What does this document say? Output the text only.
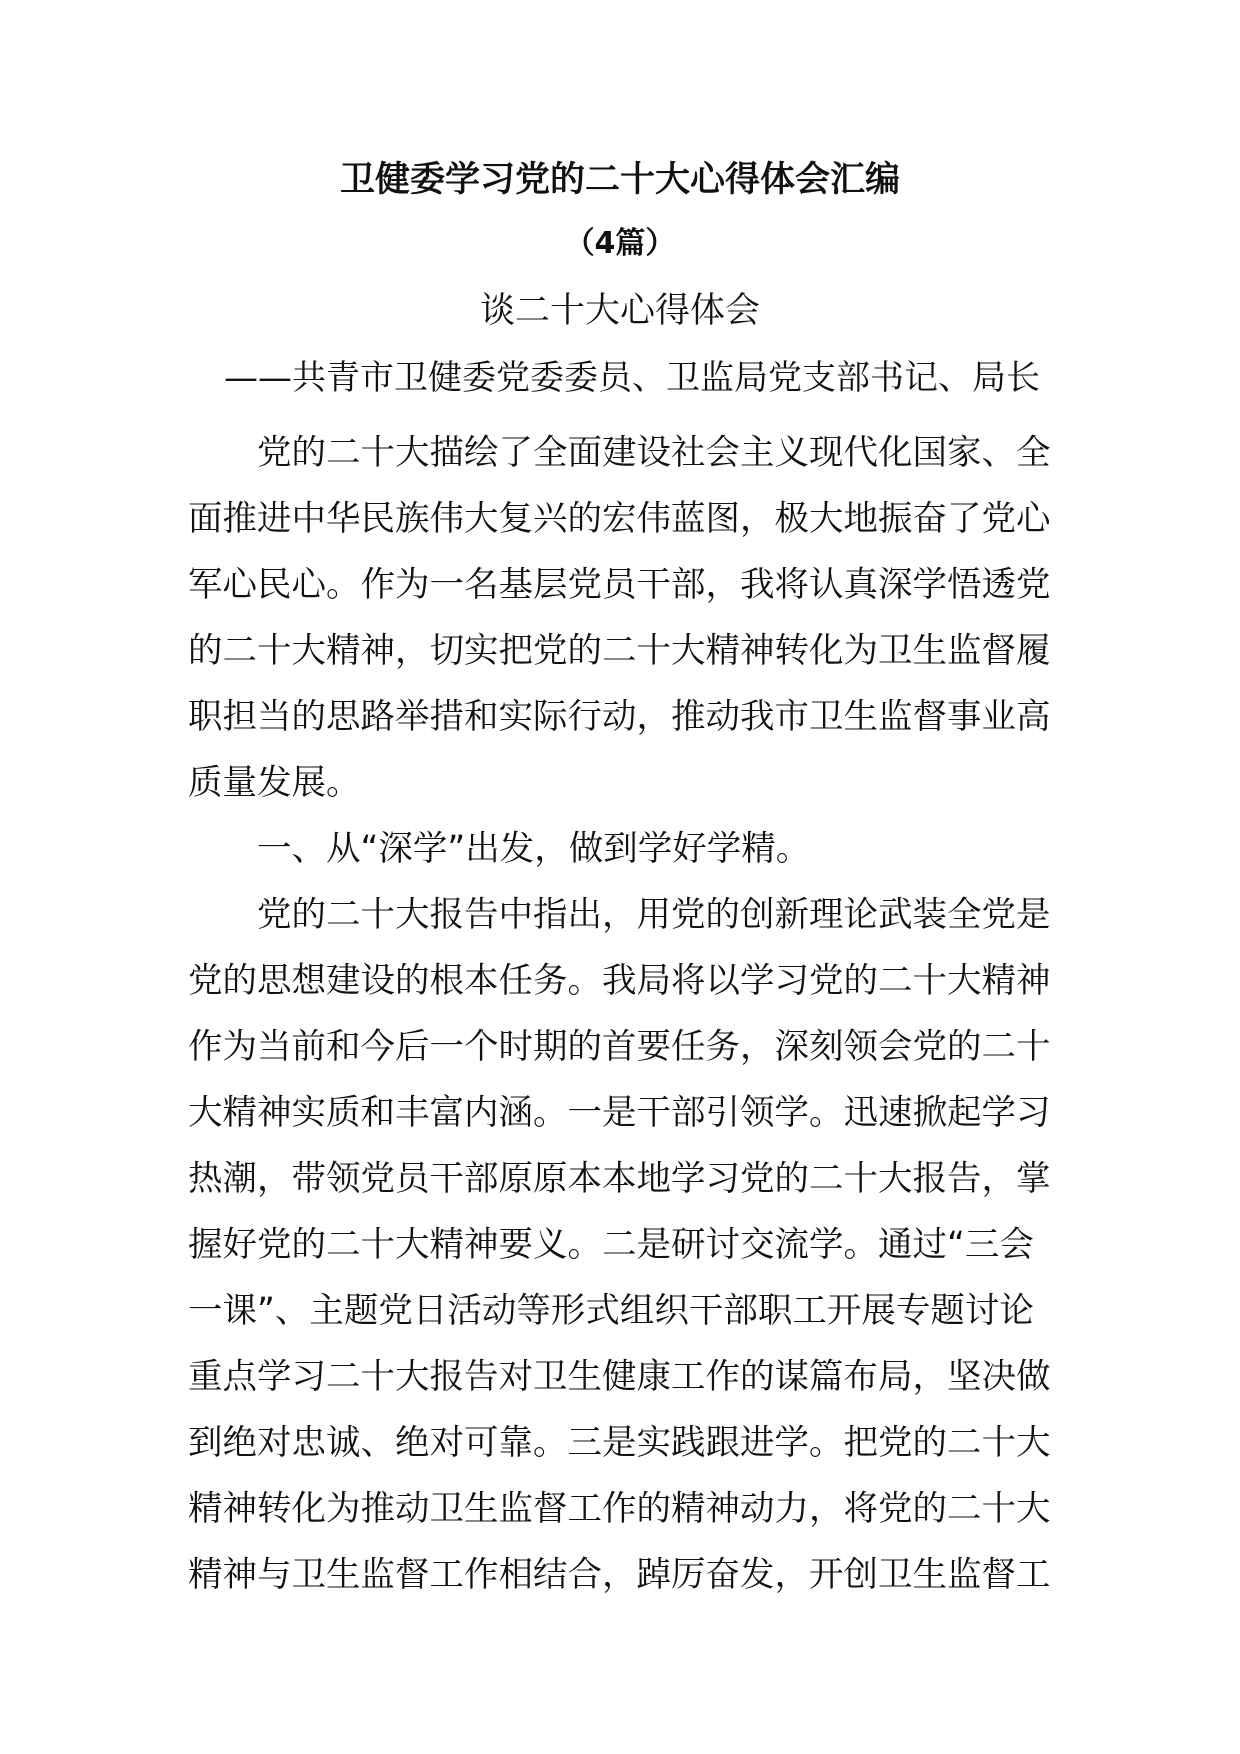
卫健委学习党的二十大心得体会汇编
（4篇）
谈二十大心得体会
——共青市卫健委党委委员、卫监局党支部书记、局长

党的二十大描绘了全面建设社会主义现代化国家、全
面推进中华民族伟大复兴的宏伟蓝图，极大地振奋了党心
军心民心。作为一名基层党员干部，我将认真深学悟透党
的二十大精神，切实把党的二十大精神转化为卫生监督履
职担当的思路举措和实际行动，推动我市卫生监督事业高
质量发展。

一、从“深学”出发，做到学好学精。

党的二十大报告中指出，用党的创新理论武装全党是
党的思想建设的根本任务。我局将以学习党的二十大精神
作为当前和今后一个时期的首要任务，深刻领会党的二十
大精神实质和丰富内涵。一是干部引领学。迅速掀起学习
热潮，带领党员干部原原本本地学习党的二十大报告，掌
握好党的二十大精神要义。二是研讨交流学。通过“三会
一课”、主题党日活动等形式组织干部职工开展专题讨论
重点学习二十大报告对卫生健康工作的谋篇布局，坚决做
到绝对忠诚、绝对可靠。三是实践跟进学。把党的二十大
精神转化为推动卫生监督工作的精神动力，将党的二十大
精神与卫生监督工作相结合，踔厉奋发，开创卫生监督工
